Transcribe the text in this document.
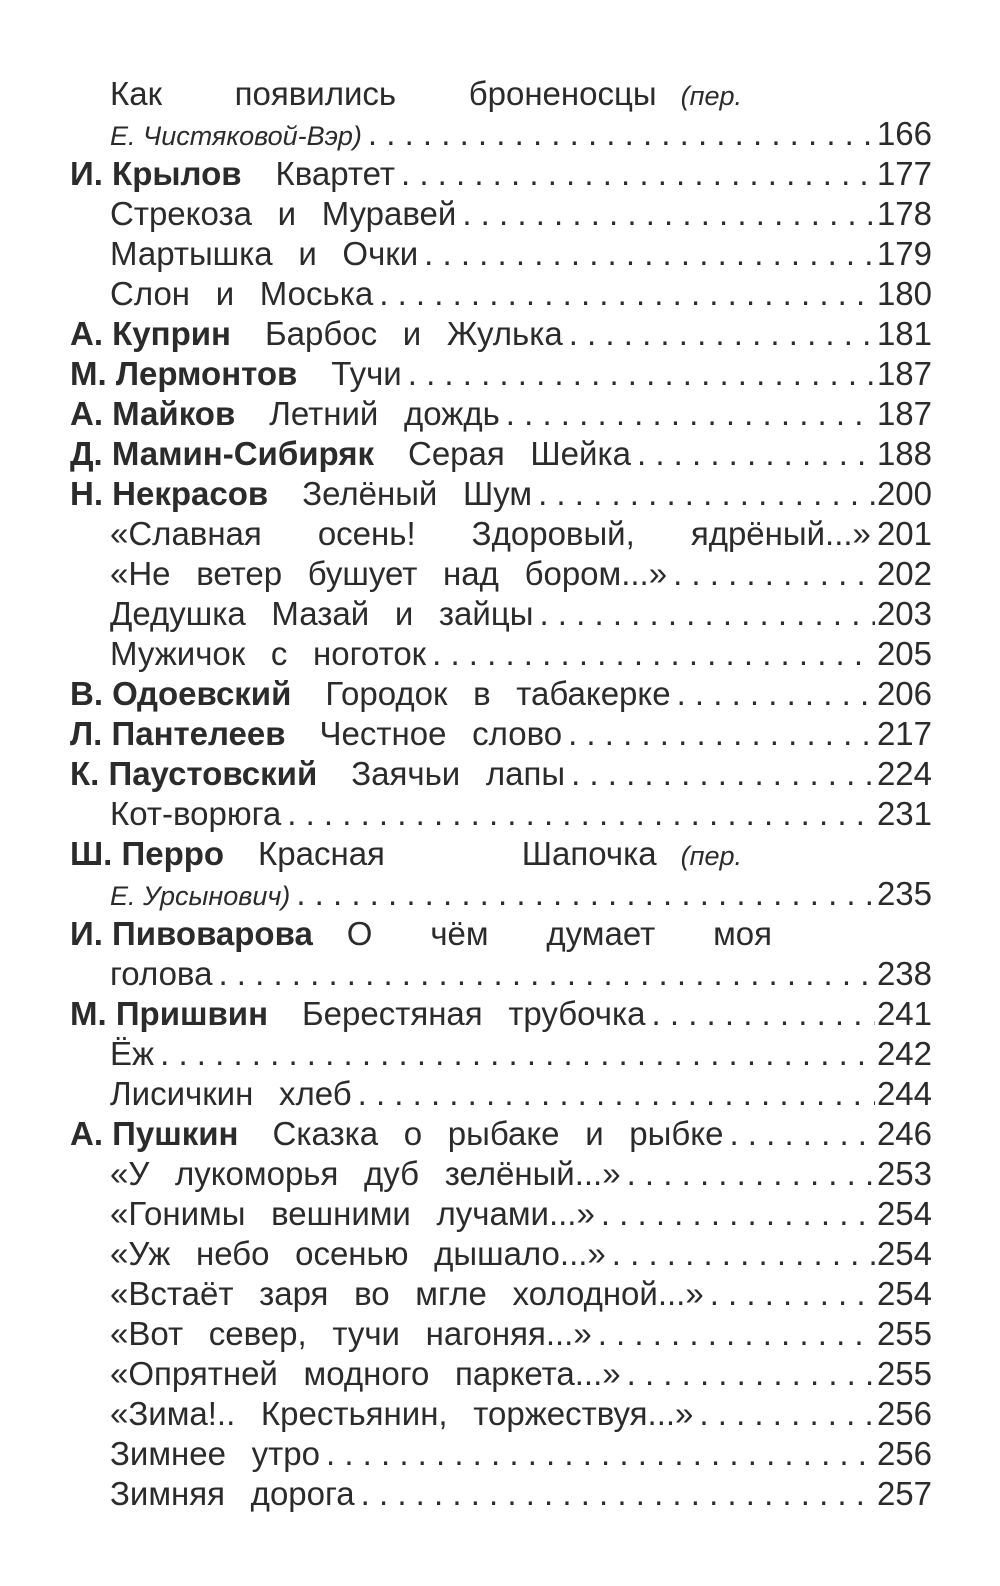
Как появились броненосцы (пер.
Е. Чистяковой-Вэр) . . .	166
И. Крылов Квартет . . .	177
Стрекоза и Муравей . . .	178
Мартышка и Очки . . .	179
Слон и Моська . . .	180
А. Куприн Барбос и Жулька . . .	181
М. Лермонтов Тучи . . .	187
А. Майков Летний дождь . . .	187
Д. Мамин-Сибиряк Серая Шейка . . .	188
Н. Некрасов Зелёный Шум . . .	200
«Славная осень! Здоровый, ядрёный...» 201
«Не ветер бушует над бором...» . . .	202
Дедушка Мазай и зайцы . . .	203
Мужичок с ноготок . . .	205
В. Одоевский Городок в табакерке . . .	206
Л. Пантелеев Честное слово . . .	217
К. Паустовский Заячьи лапы . . .	224
Кот-ворюга . . .	231
Ш. Перро Красная	Шапочка (пер.
Е. Урсынович) . . .	235
И. Пивоварова О чём думает моя
голова . . .	238
М. Пришвин Берестяная трубочка . . .	241
Ёж . . .	242
Лисичкин хлеб . . .	244
А. Пушкин Сказка о рыбаке и рыбке . . .	246
«У лукоморья дуб зелёный...» . . .	253
«Гонимы вешними лучами...» . . .	254
«Уж небо осенью дышало...» . . .	254
«Встаёт заря во мгле холодной...» . . .	254
«Вот север, тучи нагоняя...» . . .	255
«Опрятней модного паркета...» . . .	255
«Зима!.. Крестьянин, торжествуя...» . . .	256
Зимнее утро . . .	256
Зимняя дорога . . .	257
